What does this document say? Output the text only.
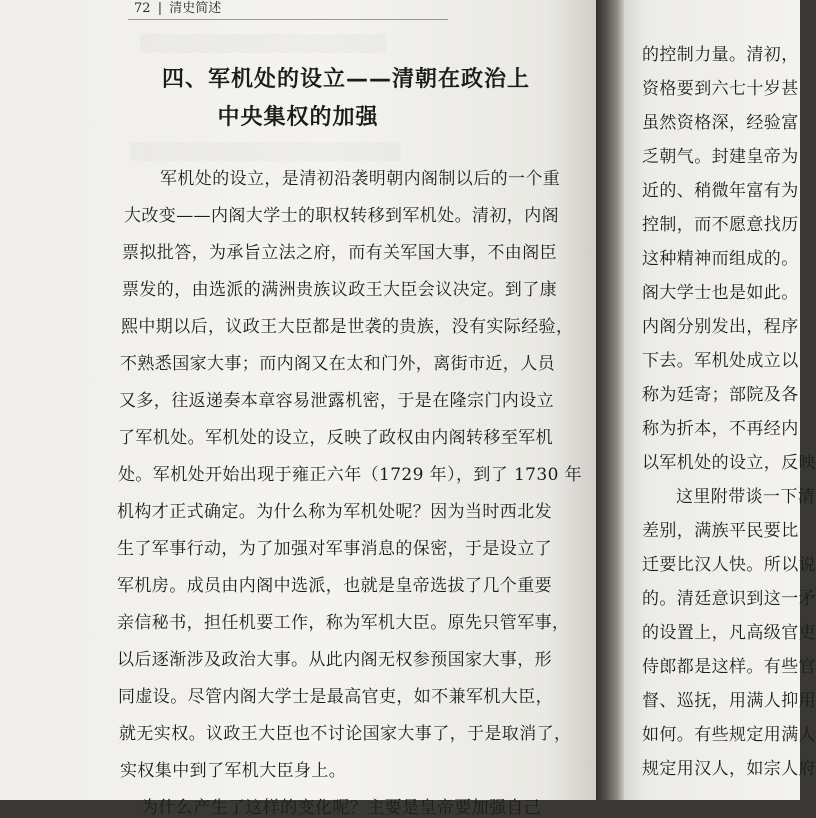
▒▒▒▒▒▒▒▒▒▒▒▒▒▒▒▒▒▒▒▒
▒▒▒▒▒▒▒▒▒▒▒▒▒▒▒▒▒▒▒▒▒▒
72 | 清史简述
四、军机处的设立——清朝在政治上
中央集权的加强
军机处的设立，是清初沿袭明朝内阁制以后的一个重
大改变——内阁大学士的职权转移到军机处。清初，内阁
票拟批答，为承旨立法之府，而有关军国大事，不由阁臣
票发的，由选派的满洲贵族议政王大臣会议决定。到了康
熙中期以后，议政王大臣都是世袭的贵族，没有实际经验，
不熟悉国家大事；而内阁又在太和门外，离街市近，人员
又多，往返递奏本章容易泄露机密，于是在隆宗门内设立
了军机处。军机处的设立，反映了政权由内阁转移至军机
处。军机处开始出现于雍正六年（1729 年），到了 1730 年
机构才正式确定。为什么称为军机处呢？因为当时西北发
生了军事行动，为了加强对军事消息的保密，于是设立了
军机房。成员由内阁中选派，也就是皇帝选拔了几个重要
亲信秘书，担任机要工作，称为军机大臣。原先只管军事，
以后逐渐涉及政治大事。从此内阁无权参预国家大事，形
同虚设。尽管内阁大学士是最高官吏，如不兼军机大臣，
就无实权。议政王大臣也不讨论国家大事了，于是取消了，
实权集中到了军机大臣身上。
为什么产生了这样的变化呢？主要是皇帝要加强自己
的控制力量。清初，
资格要到六七十岁甚
虽然资格深，经验富
乏朝气。封建皇帝为
近的、稍微年富有为
控制，而不愿意找历
这种精神而组成的。
阁大学士也是如此。
内阁分别发出，程序
下去。军机处成立以
称为廷寄；部院及各
称为折本，不再经内
以军机处的设立，反映
这里附带谈一下清
差别，满族平民要比
迁要比汉人快。所以说
的。清廷意识到这一矛
的设置上，凡高级官吏
侍郎都是这样。有些官
督、巡抚，用满人抑用
如何。有些规定用满人
规定用汉人，如宗人府
